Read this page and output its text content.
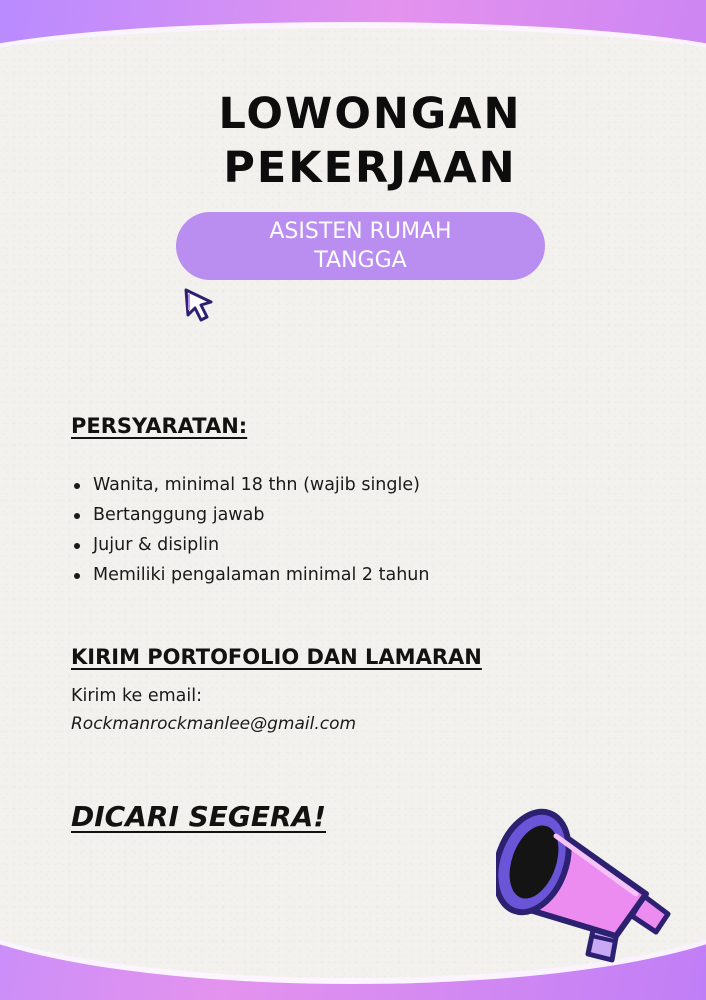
LOWONGAN
PEKERJAAN
ASISTEN RUMAH
TANGGA
PERSYARATAN:
Wanita, minimal 18 thn (wajib single)
Bertanggung jawab
Jujur & disiplin
Memiliki pengalaman minimal 2 tahun
KIRIM PORTOFOLIO DAN LAMARAN
Kirim ke email:
Rockmanrockmanlee@gmail.com
DICARI SEGERA!
